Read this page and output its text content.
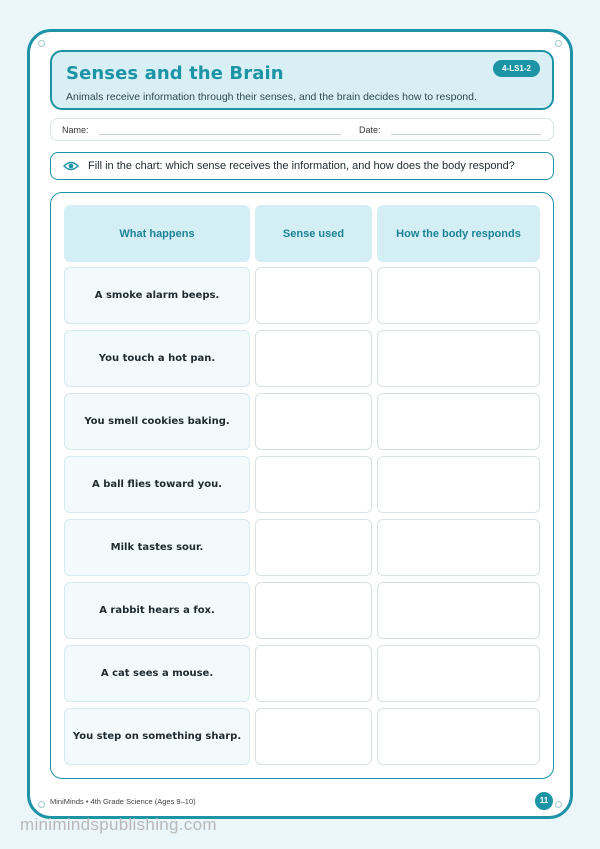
Senses and the Brain
Animals receive information through their senses, and the brain decides how to respond.
4-LS1-2
Name:	Date:
Fill in the chart: which sense receives the information, and how does the body respond?
What happens	Sense used	How the body responds
A smoke alarm beeps.
You touch a hot pan.
You smell cookies baking.
A ball flies toward you.
Milk tastes sour.
A rabbit hears a fox.
A cat sees a mouse.
You step on something sharp.
MiniMinds • 4th Grade Science (Ages 9–10)	11
minimindspublishing.com
